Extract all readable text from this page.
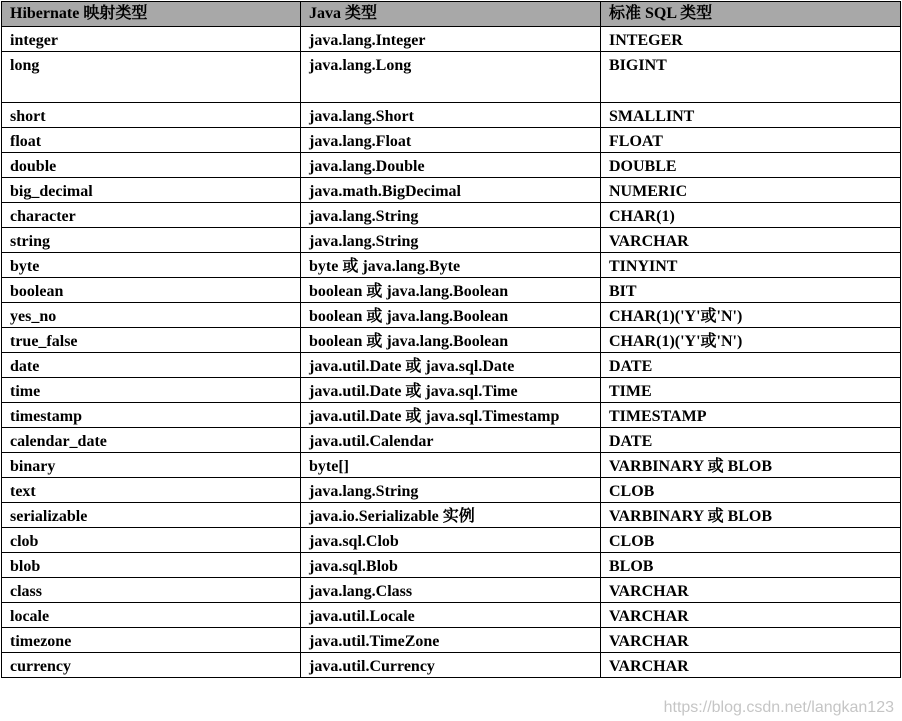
Hibernate 映射类型	Java 类型	标准 SQL 类型
integer	java.lang.Integer	INTEGER
long	java.lang.Long	BIGINT
short	java.lang.Short	SMALLINT
float	java.lang.Float	FLOAT
double	java.lang.Double	DOUBLE
big_decimal	java.math.BigDecimal	NUMERIC
character	java.lang.String	CHAR(1)
string	java.lang.String	VARCHAR
byte	byte 或 java.lang.Byte	TINYINT
boolean	boolean 或 java.lang.Boolean	BIT
yes_no	boolean 或 java.lang.Boolean	CHAR(1)('Y'或'N')
true_false	boolean 或 java.lang.Boolean	CHAR(1)('Y'或'N')
date	java.util.Date 或 java.sql.Date	DATE
time	java.util.Date 或 java.sql.Time	TIME
timestamp	java.util.Date 或 java.sql.Timestamp	TIMESTAMP
calendar_date	java.util.Calendar	DATE
binary	byte[]	VARBINARY 或 BLOB
text	java.lang.String	CLOB
serializable	java.io.Serializable 实例	VARBINARY 或 BLOB
clob	java.sql.Clob	CLOB
blob	java.sql.Blob	BLOB
class	java.lang.Class	VARCHAR
locale	java.util.Locale	VARCHAR
timezone	java.util.TimeZone	VARCHAR
currency	java.util.Currency	VARCHAR
https://blog.csdn.net/langkan123
